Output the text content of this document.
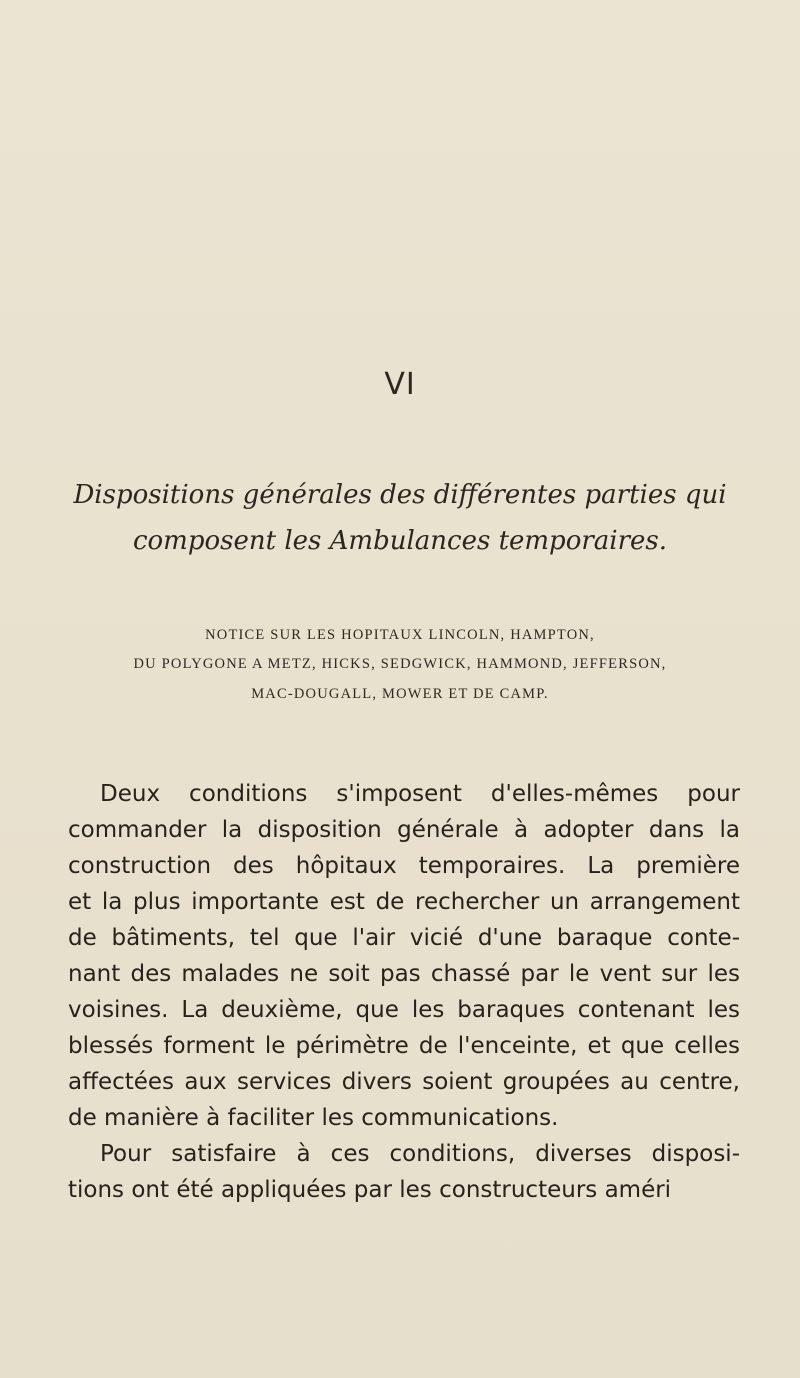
VI
Dispositions générales des différentes parties qui
composent les Ambulances temporaires.
NOTICE SUR LES HOPITAUX LINCOLN, HAMPTON,
DU POLYGONE A METZ, HICKS, SEDGWICK, HAMMOND, JEFFERSON,
MAC-DOUGALL, MOWER ET DE CAMP.
Deux conditions s'imposent d'elles-mêmes pour
commander la disposition générale à adopter dans la
construction des hôpitaux temporaires. La première
et la plus importante est de rechercher un arrangement
de bâtiments, tel que l'air vicié d'une baraque conte-
nant des malades ne soit pas chassé par le vent sur les
voisines. La deuxième, que les baraques contenant les
blessés forment le périmètre de l'enceinte, et que celles
affectées aux services divers soient groupées au centre,
de manière à faciliter les communications.
Pour satisfaire à ces conditions, diverses disposi-
tions ont été appliquées par les constructeurs améri
